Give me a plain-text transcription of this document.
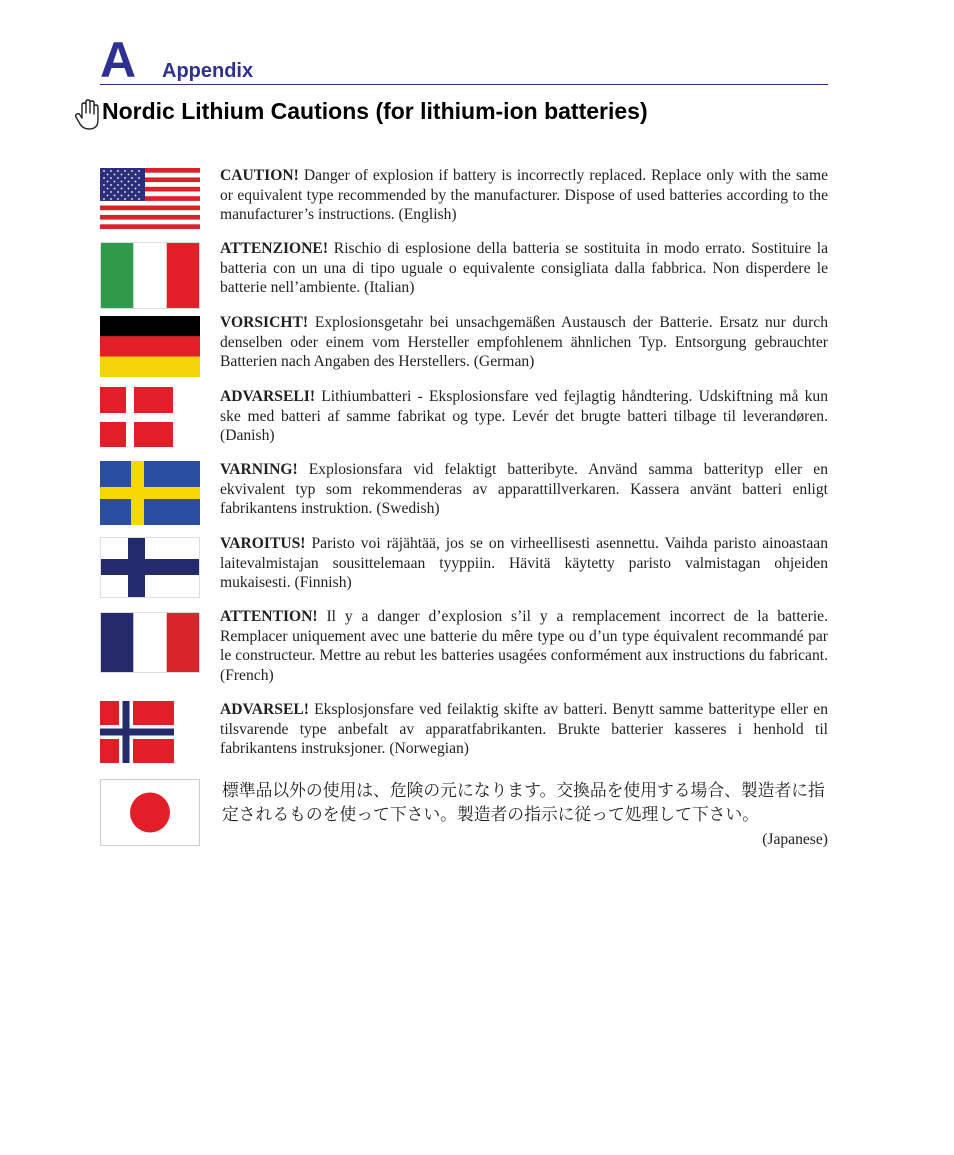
A Appendix
Nordic Lithium Cautions (for lithium-ion batteries)

CAUTION! Danger of explosion if battery is incorrectly replaced. Replace only with the same or equivalent type recommended by the manufacturer. Dispose of used batteries according to the manufacturer’s instructions. (English)

ATTENZIONE! Rischio di esplosione della batteria se sostituita in modo errato. Sostituire la batteria con un una di tipo uguale o equivalente consigliata dalla fabbrica. Non disperdere le batterie nell’ambiente. (Italian)

VORSICHT! Explosionsgetahr bei unsachgemäßen Austausch der Batterie. Ersatz nur durch denselben oder einem vom Hersteller empfohlenem ähnlichen Typ. Entsorgung gebrauchter Batterien nach Angaben des Herstellers. (German)

ADVARSELI! Lithiumbatteri - Eksplosionsfare ved fejlagtig håndtering. Udskiftning må kun ske med batteri af samme fabrikat og type. Levér det brugte batteri tilbage til leverandøren. (Danish)

VARNING! Explosionsfara vid felaktigt batteribyte. Använd samma batterityp eller en ekvivalent typ som rekommenderas av apparattillverkaren. Kassera använt batteri enligt fabrikantens instruktion. (Swedish)

VAROITUS! Paristo voi räjähtää, jos se on virheellisesti asennettu. Vaihda paristo ainoastaan laitevalmistajan sousittelemaan tyyppiin. Hävitä käytetty paristo valmistagan ohjeiden mukaisesti. (Finnish)

ATTENTION! Il y a danger d’explosion s’il y a remplacement incorrect de la batterie. Remplacer uniquement avec une batterie du mêre type ou d’un type équivalent recommandé par le constructeur. Mettre au rebut les batteries usagées conformément aux instructions du fabricant. (French)

ADVARSEL! Eksplosjonsfare ved feilaktig skifte av batteri. Benytt samme batteritype eller en tilsvarende type anbefalt av apparatfabrikanten. Brukte batterier kasseres i henhold til fabrikantens instruksjoner. (Norwegian)

標準品以外の使用は、危険の元になります。交換品を使用する場合、製造者に指定されるものを使って下さい。製造者の指示に従って処理して下さい。

(Japanese)
